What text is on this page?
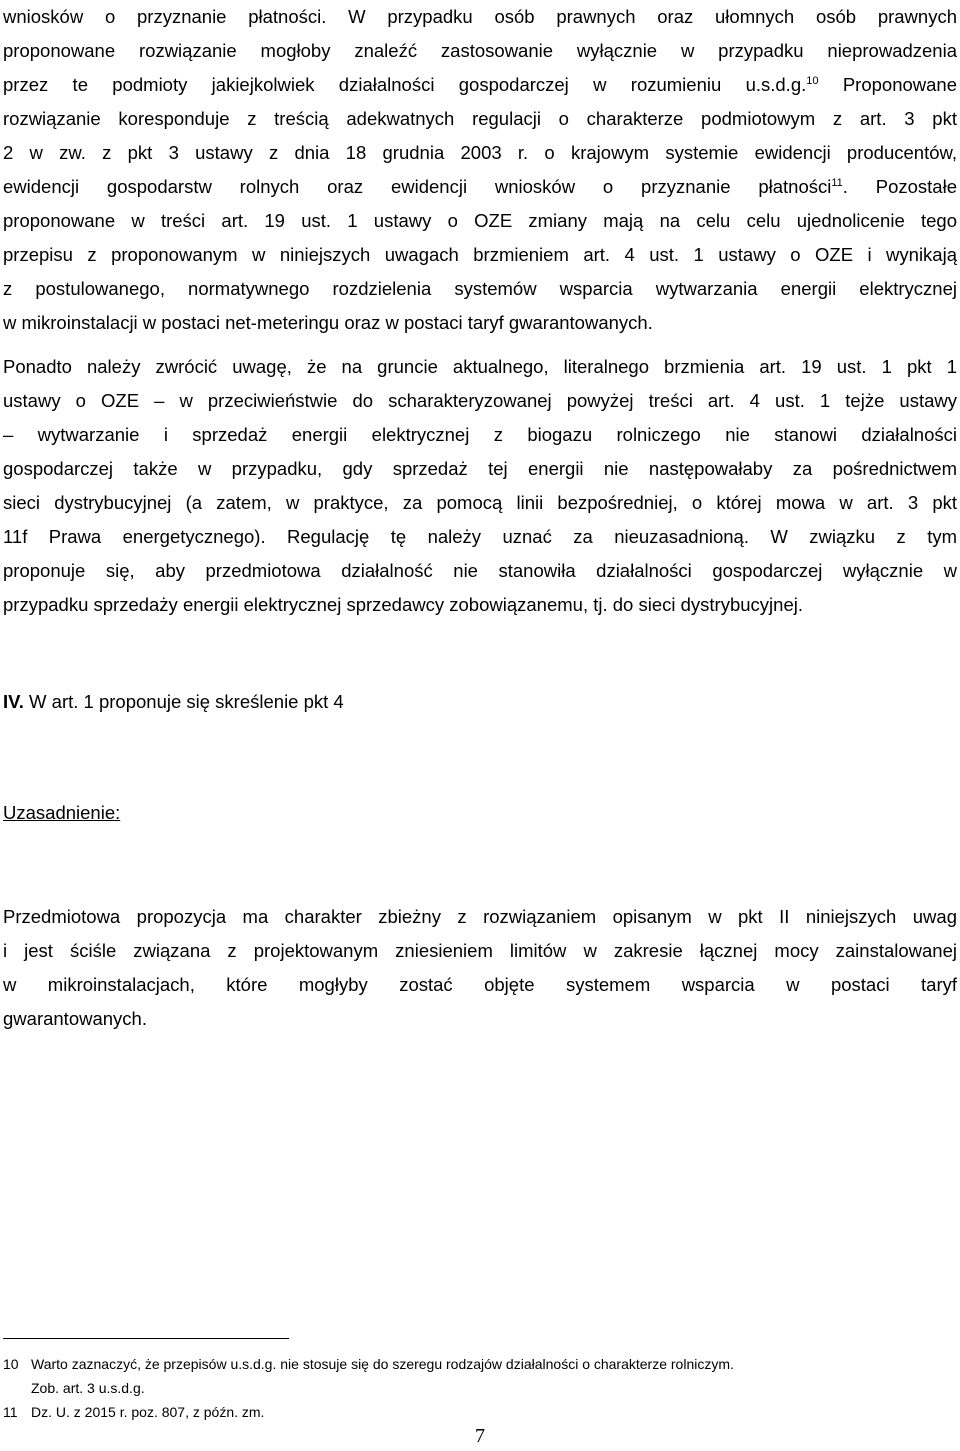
wniosków o przyznanie płatności. W przypadku osób prawnych oraz ułomnych osób prawnych
proponowane rozwiązanie mogłoby znaleźć zastosowanie wyłącznie w przypadku nieprowadzenia
przez te podmioty jakiejkolwiek działalności gospodarczej w rozumieniu u.s.d.g.$^{10}$ Proponowane
rozwiązanie koresponduje z treścią adekwatnych regulacji o charakterze podmiotowym z art. 3 pkt
2 w zw. z pkt 3 ustawy z dnia 18 grudnia 2003 r. o krajowym systemie ewidencji producentów,
ewidencji gospodarstw rolnych oraz ewidencji wniosków o przyznanie płatności$^{11}$. Pozostałe
proponowane w treści art. 19 ust. 1 ustawy o OZE zmiany mają na celu celu ujednolicenie tego
przepisu z proponowanym w niniejszych uwagach brzmieniem art. 4 ust. 1 ustawy o OZE i wynikają
z postulowanego, normatywnego rozdzielenia systemów wsparcia wytwarzania energii elektrycznej
w mikroinstalacji w postaci net-meteringu oraz w postaci taryf gwarantowanych.
Ponadto należy zwrócić uwagę, że na gruncie aktualnego, literalnego brzmienia art. 19 ust. 1 pkt 1
ustawy o OZE – w przeciwieństwie do scharakteryzowanej powyżej treści art. 4 ust. 1 tejże ustawy
– wytwarzanie i sprzedaż energii elektrycznej z biogazu rolniczego nie stanowi działalności
gospodarczej także w przypadku, gdy sprzedaż tej energii nie następowałaby za pośrednictwem
sieci dystrybucyjnej (a zatem, w praktyce, za pomocą linii bezpośredniej, o której mowa w art. 3 pkt
11f Prawa energetycznego). Regulację tę należy uznać za nieuzasadnioną. W związku z tym
proponuje się, aby przedmiotowa działalność nie stanowiła działalności gospodarczej wyłącznie w
przypadku sprzedaży energii elektrycznej sprzedawcy zobowiązanemu, tj. do sieci dystrybucyjnej.
IV. W art. 1 proponuje się skreślenie pkt 4
Uzasadnienie:
Przedmiotowa propozycja ma charakter zbieżny z rozwiązaniem opisanym w pkt II niniejszych uwag
i jest ściśle związana z projektowanym zniesieniem limitów w zakresie łącznej mocy zainstalowanej
w mikroinstalacjach, które mogłyby zostać objęte systemem wsparcia w postaci taryf
gwarantowanych.
10 Warto zaznaczyć, że przepisów u.s.d.g. nie stosuje się do szeregu rodzajów działalności o charakterze rolniczym.
Zob. art. 3 u.s.d.g.
11 Dz. U. z 2015 r. poz. 807, z późn. zm.
7
